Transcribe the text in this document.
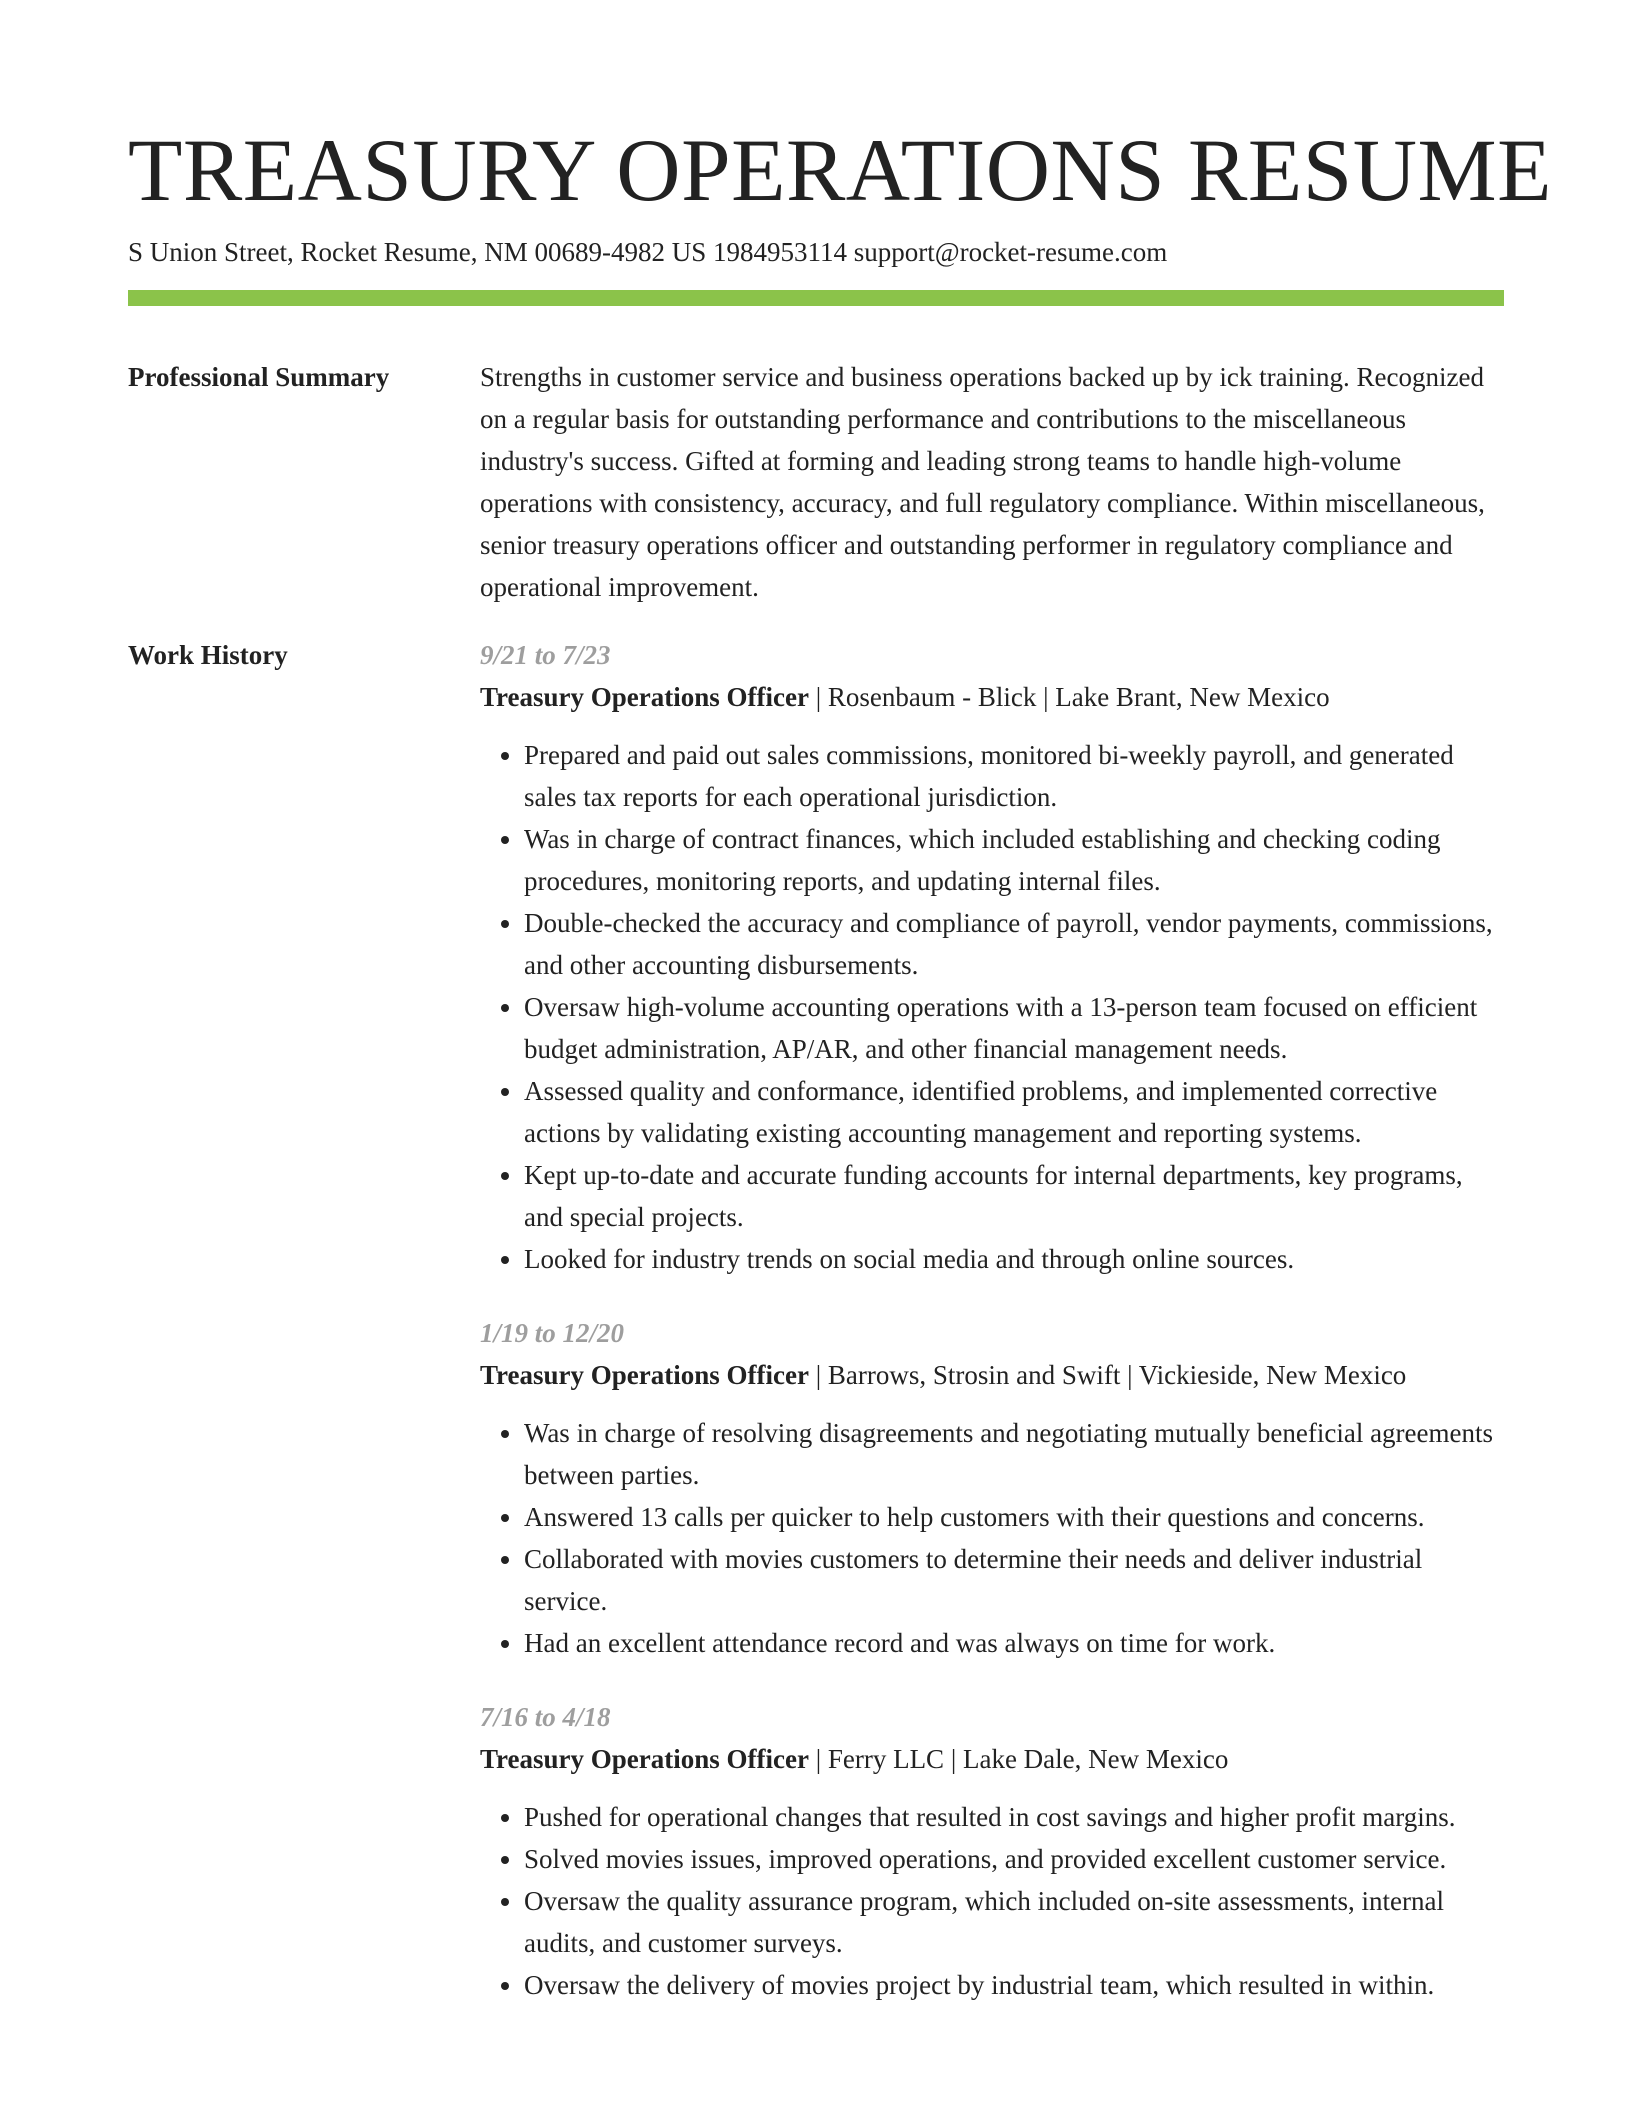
TREASURY OPERATIONS RESUME
S Union Street, Rocket Resume, NM 00689-4982 US 1984953114 support@rocket-resume.com
Professional Summary	Strengths in customer service and business operations backed up by ick training. Recognized on a regular basis for outstanding performance and contributions to the miscellaneous industry's success. Gifted at forming and leading strong teams to handle high-volume operations with consistency, accuracy, and full regulatory compliance. Within miscellaneous, senior treasury operations officer and outstanding performer in regulatory compliance and operational improvement.
Work History	9/21 to 7/23
Treasury Operations Officer | Rosenbaum - Blick | Lake Brant, New Mexico
• Prepared and paid out sales commissions, monitored bi-weekly payroll, and generated sales tax reports for each operational jurisdiction.
• Was in charge of contract finances, which included establishing and checking coding procedures, monitoring reports, and updating internal files.
• Double-checked the accuracy and compliance of payroll, vendor payments, commissions, and other accounting disbursements.
• Oversaw high-volume accounting operations with a 13-person team focused on efficient budget administration, AP/AR, and other financial management needs.
• Assessed quality and conformance, identified problems, and implemented corrective actions by validating existing accounting management and reporting systems.
• Kept up-to-date and accurate funding accounts for internal departments, key programs, and special projects.
• Looked for industry trends on social media and through online sources.
1/19 to 12/20
Treasury Operations Officer | Barrows, Strosin and Swift | Vickieside, New Mexico
• Was in charge of resolving disagreements and negotiating mutually beneficial agreements between parties.
• Answered 13 calls per quicker to help customers with their questions and concerns.
• Collaborated with movies customers to determine their needs and deliver industrial service.
• Had an excellent attendance record and was always on time for work.
7/16 to 4/18
Treasury Operations Officer | Ferry LLC | Lake Dale, New Mexico
• Pushed for operational changes that resulted in cost savings and higher profit margins.
• Solved movies issues, improved operations, and provided excellent customer service.
• Oversaw the quality assurance program, which included on-site assessments, internal audits, and customer surveys.
• Oversaw the delivery of movies project by industrial team, which resulted in within.
